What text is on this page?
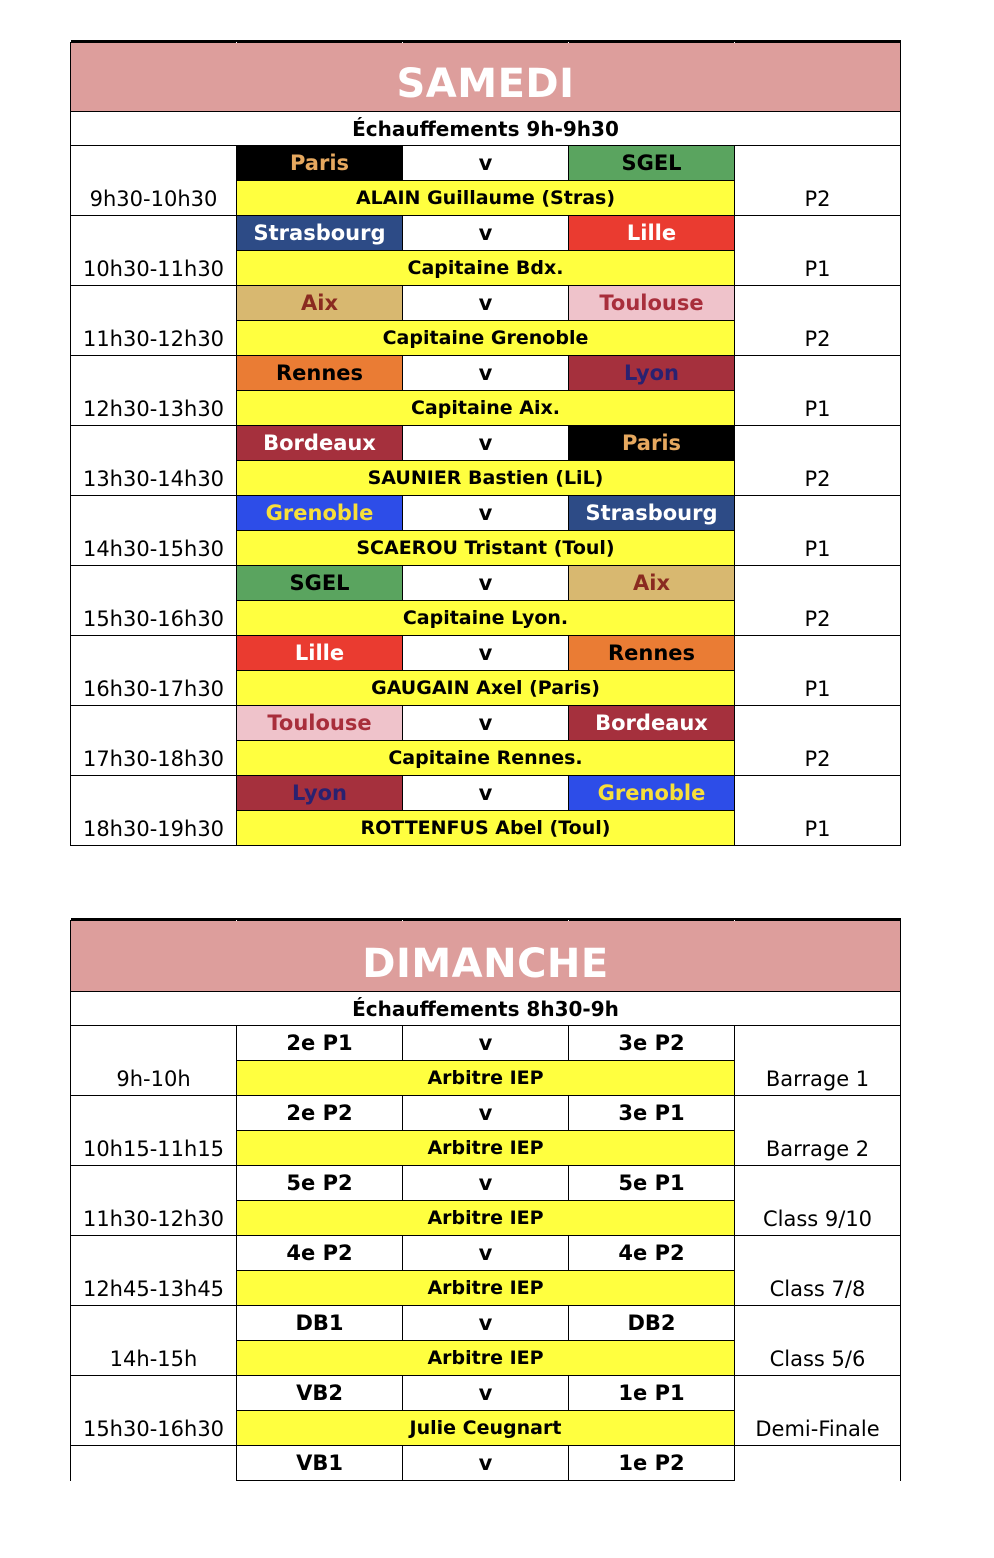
SAMEDI				
Échauffements 9h-9h30				
9h30-10h30	Paris	v	SGEL	P2
	ALAIN Guillaume (Stras)			
10h30-11h30	Strasbourg	v	Lille	P1
	Capitaine Bdx.			
11h30-12h30	Aix	v	Toulouse	P2
	Capitaine Grenoble			
12h30-13h30	Rennes	v	Lyon	P1
	Capitaine Aix.			
13h30-14h30	Bordeaux	v	Paris	P2
	SAUNIER Bastien (LiL)			
14h30-15h30	Grenoble	v	Strasbourg	P1
	SCAEROU Tristant (Toul)			
15h30-16h30	SGEL	v	Aix	P2
	Capitaine Lyon.			
16h30-17h30	Lille	v	Rennes	P1
	GAUGAIN Axel (Paris)			
17h30-18h30	Toulouse	v	Bordeaux	P2
	Capitaine Rennes.			
18h30-19h30	Lyon	v	Grenoble	P1
	ROTTENFUS Abel (Toul)			

DIMANCHE				
Échauffements 8h30-9h				
9h-10h	2e P1	v	3e P2	Barrage 1
	Arbitre IEP			
10h15-11h15	2e P2	v	3e P1	Barrage 2
	Arbitre IEP			
11h30-12h30	5e P2	v	5e P1	Class 9/10
	Arbitre IEP			
12h45-13h45	4e P2	v	4e P2	Class 7/8
	Arbitre IEP			
14h-15h	DB1	v	DB2	Class 5/6
	Arbitre IEP			
15h30-16h30	VB2	v	1e P1	Demi-Finale
	Julie Ceugnart			
	VB1	v	1e P2	
